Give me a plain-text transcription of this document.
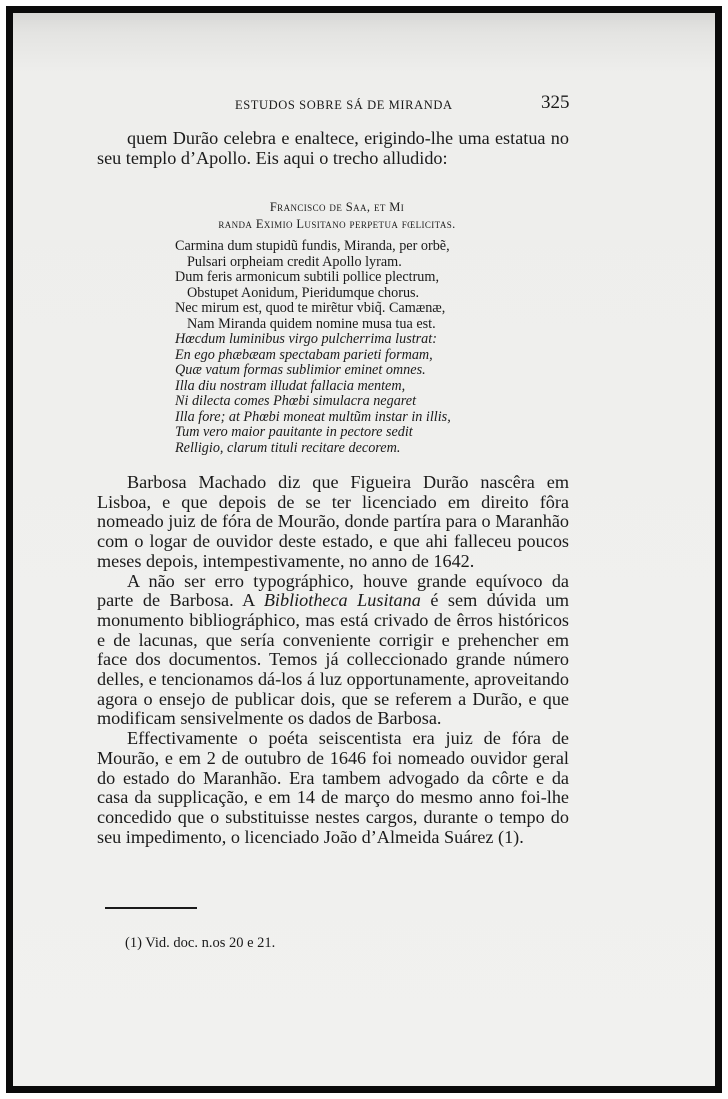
ESTUDOS SOBRE SÁ DE MIRANDA	325

quem Durão celebra e enaltece, erigindo-lhe uma estatua no seu templo d’Apollo. Eis aqui o trecho alludido:

Francisco de Saa, et Mi
randa Eximio Lusitano perpetua fœlicitas.
Carmina dum stupidũ fundis, Miranda, per orbẽ,
Pulsari orpheiam credit Apollo lyram.
Dum feris armonicum subtili pollice plectrum,
Obstupet Aonidum, Pieridumque chorus.
Nec mirum est, quod te mirẽtur vbiq̃. Camænæ,
Nam Miranda quidem nomine musa tua est.
Hœcdum luminibus virgo pulcherrima lustrat:
En ego phæbæam spectabam parieti formam,
Quæ vatum formas sublimior eminet omnes.
Illa diu nostram illudat fallacia mentem,
Ni dilecta comes Phœbi simulacra negaret
Illa fore; at Phœbi moneat multũm instar in illis,
Tum vero maior pauitante in pectore sedit
Relligio, clarum tituli recitare decorem.

Barbosa Machado diz que Figueira Durão nascêra em Lisboa, e que depois de se ter licenciado em direito fôra nomeado juiz de fóra de Mourão, donde partíra para o Maranhão com o logar de ouvidor deste estado, e que ahi falleceu poucos meses depois, intempestivamente, no anno de 1642.

A não ser erro typográphico, houve grande equívoco da parte de Barbosa. A Bibliotheca Lusitana é sem dúvida um monumento bibliográphico, mas está crivado de êrros históricos e de lacunas, que sería conveniente corrigir e prehencher em face dos documentos. Temos já colleccionado grande número delles, e tencionamos dá-los á luz opportunamente, aproveitando agora o ensejo de publicar dois, que se referem a Durão, e que modificam sensivelmente os dados de Barbosa.

Effectivamente o poéta seiscentista era juiz de fóra de Mourão, e em 2 de outubro de 1646 foi nomeado ouvidor geral do estado do Maranhão. Era tambem advogado da côrte e da casa da supplicação, e em 14 de março do mesmo anno foi-lhe concedido que o substituisse nestes cargos, durante o tempo do seu impedimento, o licenciado João d’Almeida Suárez (1).

(1) Vid. doc. n.os 20 e 21.
